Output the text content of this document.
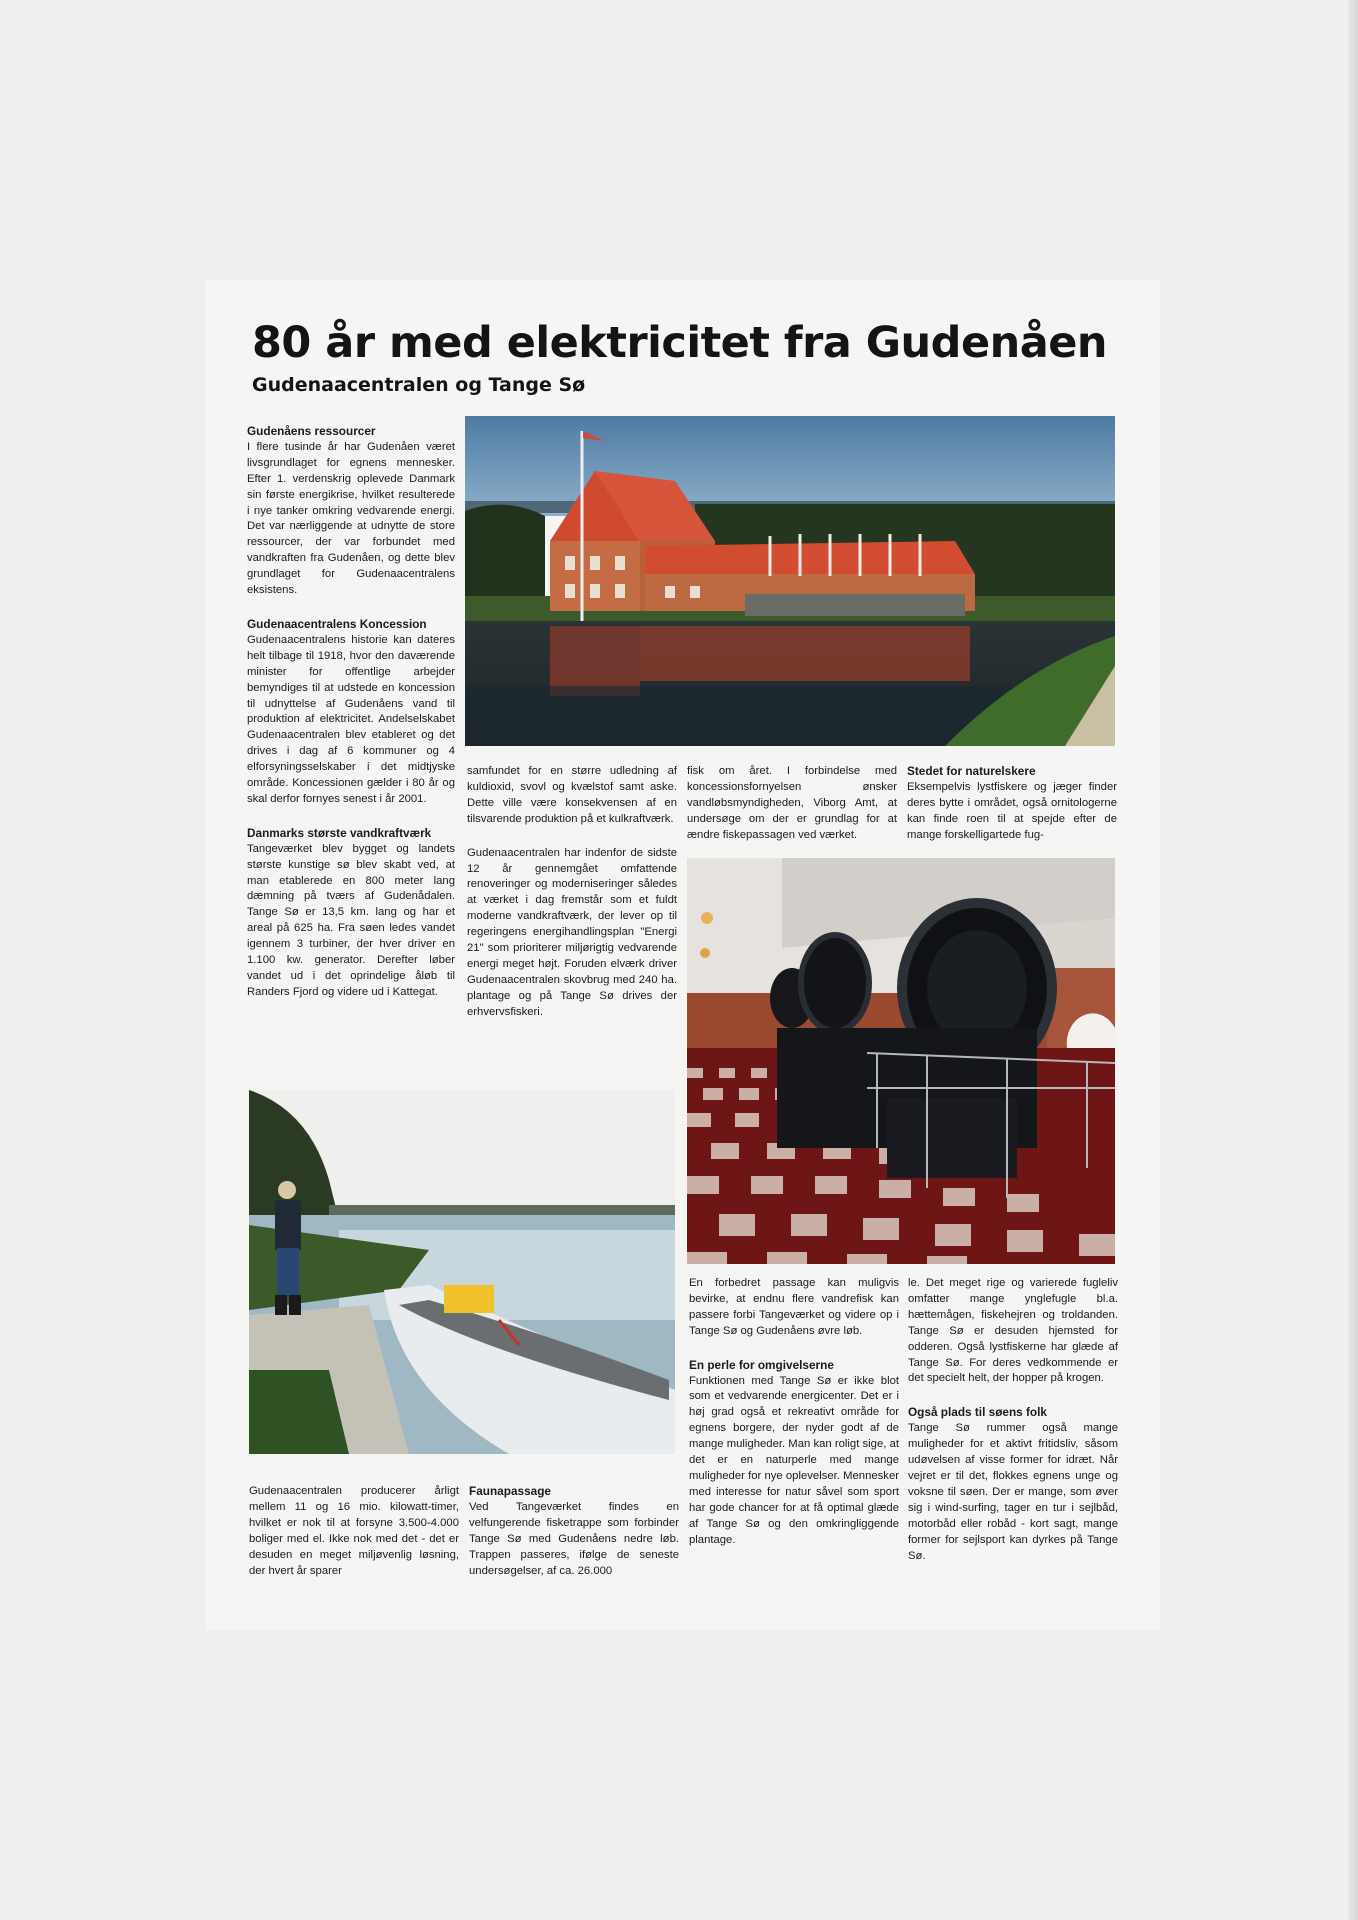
80 år med elektricitet fra Gudenåen
Gudenaacentralen og Tange Sø
Gudenåens ressourcer

I flere tusinde år har Gudenåen været livsgrundlaget for egnens mennesker. Efter 1. verdenskrig oplevede Danmark sin første energikrise, hvilket resulterede i nye tanker omkring vedvarende energi. Det var nærliggende at udnytte de store ressourcer, der var forbundet med vandkraften fra Gudenåen, og dette blev grundlaget for Gudenaacentralens eksistens.

Gudenaacentralens Koncession

Gudenaacentralens historie kan dateres helt tilbage til 1918, hvor den daværende minister for offentlige arbejder bemyndiges til at udstede en koncession til udnyttelse af Gudenåens vand til produktion af elektricitet. Andelselskabet Gudenaacentralen blev etableret og det drives i dag af 6 kommuner og 4 elforsyningsselskaber i det midtjyske område. Koncessionen gælder i 80 år og skal derfor fornyes senest i år 2001.

Danmarks største vandkraftværk

Tangeværket blev bygget og landets største kunstige sø blev skabt ved, at man etablerede en 800 meter lang dæmning på tværs af Gudenådalen. Tange Sø er 13,5 km. lang og har et areal på 625 ha. Fra søen ledes vandet igennem 3 turbiner, der hver driver en 1.100 kw. generator. Derefter løber vandet ud i det oprindelige åløb til Randers Fjord og videre ud i Kattegat.

samfundet for en større udledning af kuldioxid, svovl og kvælstof samt aske. Dette ville være konsekvensen af en tilsvarende produktion på et kulkraftværk.

Gudenaacentralen har indenfor de sidste 12 år gennemgået omfattende renoveringer og moderniseringer således at værket i dag fremstår som et fuldt moderne vandkraftværk, der lever op til regeringens energihandlingsplan "Energi 21" som prioriterer miljørigtig vedvarende energi meget højt. Foruden elværk driver Gudenaacentralen skovbrug med 240 ha. plantage og på Tange Sø drives der erhvervsfiskeri.

fisk om året. I forbindelse med koncessionsfornyelsen ønsker vandløbsmyndigheden, Viborg Amt, at undersøge om der er grundlag for at ændre fiskepassagen ved værket.

Stedet for naturelskere

Eksempelvis lystfiskere og jæger finder deres bytte i området, også ornitologerne kan finde roen til at spejde efter de mange forskelligartede fug-

Gudenaacentralen producerer årligt mellem 11 og 16 mio. kilowatt-timer, hvilket er nok til at forsyne 3.500-4.000 boliger med el. Ikke nok med det - det er desuden en meget miljøvenlig løsning, der hvert år sparer

Faunapassage

Ved Tangeværket findes en velfungerende fisketrappe som forbinder Tange Sø med Gudenåens nedre løb. Trappen passeres, ifølge de seneste undersøgelser, af ca. 26.000

En forbedret passage kan muligvis bevirke, at endnu flere vandrefisk kan passere forbi Tangeværket og videre op i Tange Sø og Gudenåens øvre løb.

En perle for omgivelserne

Funktionen med Tange Sø er ikke blot som et vedvarende energicenter. Det er i høj grad også et rekreativt område for egnens borgere, der nyder godt af de mange muligheder. Man kan roligt sige, at det er en naturperle med mange muligheder for nye oplevelser. Mennesker med interesse for natur såvel som sport har gode chancer for at få optimal glæde af Tange Sø og den omkringliggende plantage.

le. Det meget rige og varierede fugleliv omfatter mange ynglefugle bl.a. hættemågen, fiskehejren og troldanden. Tange Sø er desuden hjemsted for odderen. Også lystfiskerne har glæde af Tange Sø. For deres vedkommende er det specielt helt, der hopper på krogen.

Også plads til søens folk

Tange Sø rummer også mange muligheder for et aktivt fritidsliv, såsom udøvelsen af visse former for idræt. Når vejret er til det, flokkes egnens unge og voksne til søen. Der er mange, som øver sig i wind-surfing, tager en tur i sejlbåd, motorbåd eller robåd - kort sagt, mange former for sejlsport kan dyrkes på Tange Sø.
